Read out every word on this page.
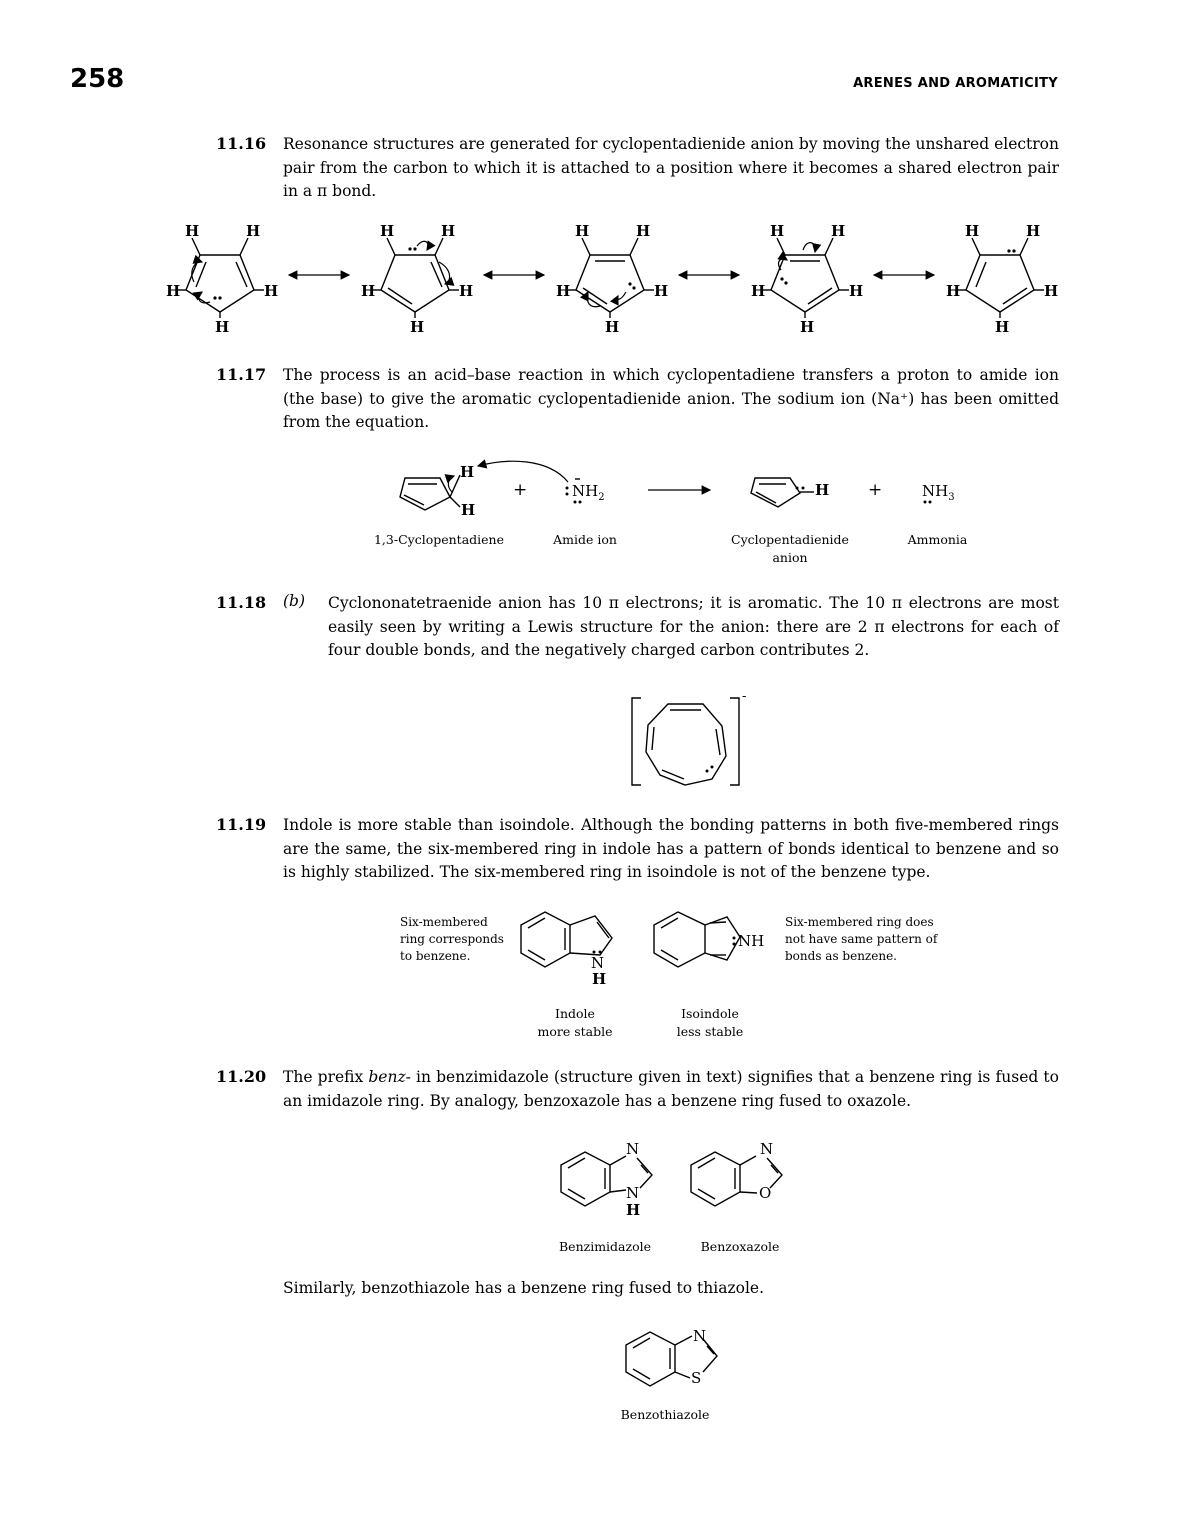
258	ARENES AND AROMATICITY
11.16 Resonance structures are generated for cyclopentadienide anion by moving the unshared electron pair from the carbon to which it is attached to a position where it becomes a shared electron pair in a π bond.
H	H
H	H
H
H	H
H	H
H
H	H
H	H
H
H	H
H	H
H
H	H
H	H
H
11.17 The process is an acid–base reaction in which cyclopentadiene transfers a proton to amide ion (the base) to give the aromatic cyclopentadienide anion. The sodium ion (Na⁺) has been omitted from the equation.
H
H
+	$NH_2$	H +	$NH_3$
1,3-Cyclopentadiene	Amide ion	Cyclopentadienide
anion
Ammonia
11.18 (b) Cyclononatetraenide anion has 10 π electrons; it is aromatic. The 10 π electrons are most easily seen by writing a Lewis structure for the anion: there are 2 π electrons for each of four double bonds, and the negatively charged carbon contributes 2.
-
11.19 Indole is more stable than isoindole. Although the bonding patterns in both five-membered rings are the same, the six-membered ring in indole has a pattern of bonds identical to benzene and so is highly stabilized. The six-membered ring in isoindole is not of the benzene type.
Six-membered
ring corresponds
to benzene.
Six-membered ring does
not have same pattern of
bonds as benzene.
N
H
NH
Indole
more stable
Isoindole
less stable
11.20 The prefix benz- in benzimidazole (structure given in text) signifies that a benzene ring is fused to an imidazole ring. By analogy, benzoxazole has a benzene ring fused to oxazole.
N
N
H
N
O
N
S
Benzimidazole	Benzoxazole
Similarly, benzothiazole has a benzene ring fused to thiazole.
Benzothiazole
